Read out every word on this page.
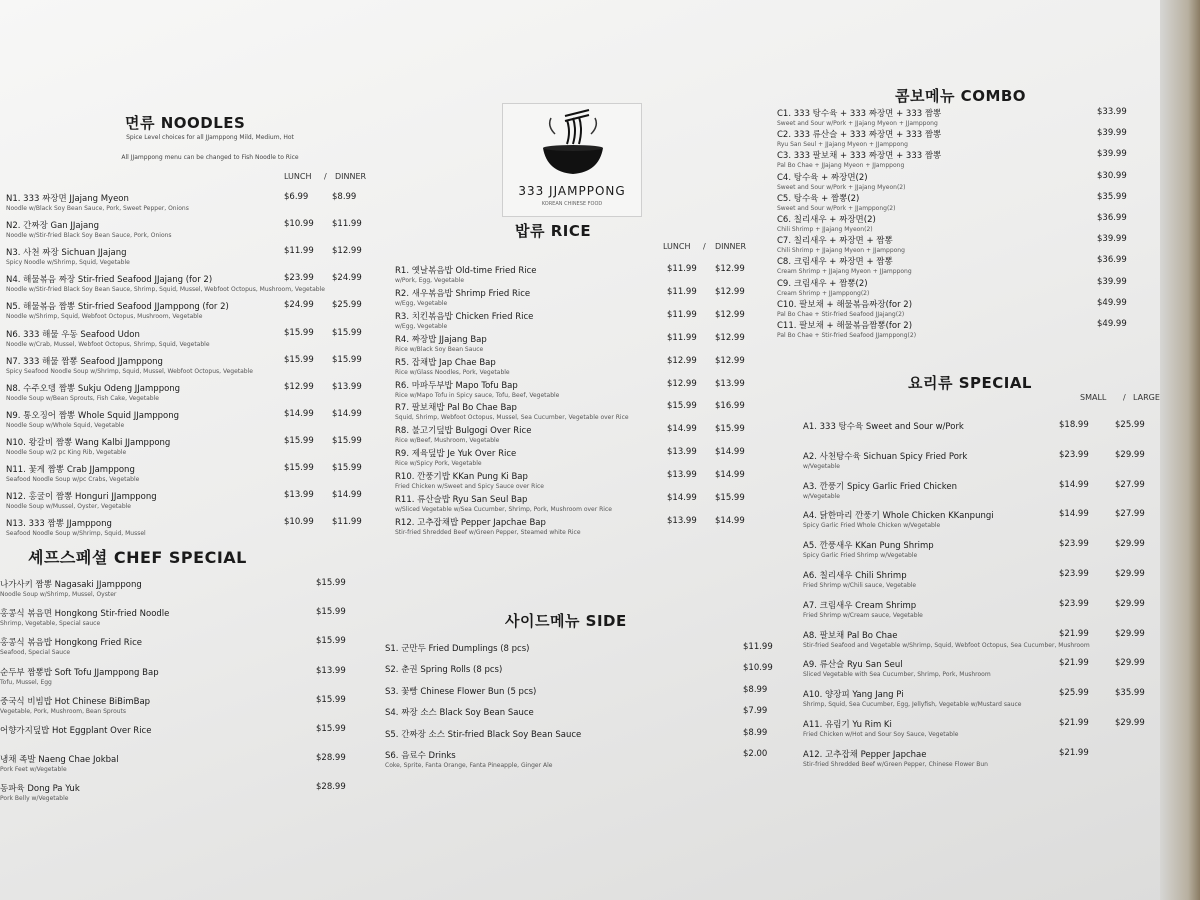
면류 NOODLES
Spice Level choices for all JJamppong Mild, Medium, Hot
All JJamppong menu can be changed to Fish Noodle to Rice
LUNCH / DINNER
N1. 333 짜장면 JJajang Myeon
Noodle w/Black Soy Bean Sauce, Pork, Sweet Pepper, Onions
$6.99	$8.99
N2. 간짜장 Gan JJajang
Noodle w/Stir-fried Black Soy Bean Sauce, Pork, Onions
$10.99 $11.99
N3. 사천 짜장 Sichuan JJajang
Spicy Noodle w/Shrimp, Squid, Vegetable
$11.99 $12.99
N4. 해물볶음 짜장 Stir-fried Seafood JJajang (for 2)
Noodle w/Stir-fried Black Soy Bean Sauce, Shrimp, Squid, Mussel, Webfoot Octopus, Mushroom, Vegetable
$23.99 $24.99
N5. 해물볶음 짬뽕 Stir-fried Seafood JJamppong (for 2)
Noodle w/Shrimp, Squid, Webfoot Octopus, Mushroom, Vegetable
$24.99 $25.99
N6. 333 해물 우동 Seafood Udon
Noodle w/Crab, Mussel, Webfoot Octopus, Shrimp, Squid, Vegetable
$15.99 $15.99
N7. 333 해물 짬뽕 Seafood JJamppong
Spicy Seafood Noodle Soup w/Shrimp, Squid, Mussel, Webfoot Octopus, Vegetable
$15.99 $15.99
N8. 수주오뎅 짬뽕 Sukju Odeng JJamppong
Noodle Soup w/Bean Sprouts, Fish Cake, Vegetable
$12.99 $13.99
N9. 통오징어 짬뽕 Whole Squid JJamppong
Noodle Soup w/Whole Squid, Vegetable
$14.99 $14.99
N10. 왕갈비 짬뽕 Wang Kalbi JJamppong
Noodle Soup w/2 pc King Rib, Vegetable
$15.99 $15.99
N11. 꽃게 짬뽕 Crab JJamppong
Seafood Noodle Soup w/pc Crabs, Vegetable
$15.99 $15.99
N12. 홍굴이 짬뽕 Honguri JJamppong
Noodle Soup w/Mussel, Oyster, Vegetable
$13.99 $14.99
N13. 333 짬뽕 JJamppong
Seafood Noodle Soup w/Shrimp, Squid, Mussel
$10.99 $11.99
셰프스페셜 CHEF SPECIAL
나가사키 짬뽕 Nagasaki JJamppong
Noodle Soup w/Shrimp, Mussel, Oyster
$15.99
홍콩식 볶음면 Hongkong Stir-fried Noodle
Shrimp, Vegetable, Special sauce
$15.99
홍콩식 볶음밥 Hongkong Fried Rice
Seafood, Special Sauce
$15.99
순두부 짬뽕밥 Soft Tofu JJamppong Bap
Tofu, Mussel, Egg
$13.99
중국식 비빔밥 Hot Chinese BiBimBap
Vegetable, Pork, Mushroom, Bean Sprouts
$15.99
어향가지덮밥 Hot Eggplant Over Rice	$15.99
냉채 족발 Naeng Chae Jokbal
Pork Feet w/Vegetable
$28.99
동파육 Dong Pa Yuk
Pork Belly w/Vegetable
$28.99
333 JJAMPPONG
KOREAN CHINESE FOOD
밥류 RICE
LUNCH / DINNER
R1. 옛날볶음밥 Old-time Fried Rice
w/Pork, Egg, Vegetable
$11.99 $12.99
R2. 새우볶음밥 Shrimp Fried Rice
w/Egg, Vegetable
$11.99 $12.99
R3. 치킨볶음밥 Chicken Fried Rice
w/Egg, Vegetable
$11.99 $12.99
R4. 짜장밥 JJajang Bap
Rice w/Black Soy Bean Sauce
$11.99 $12.99
R5. 잡채밥 Jap Chae Bap
Rice w/Glass Noodles, Pork, Vegetable
$12.99 $12.99
R6. 마파두부밥 Mapo Tofu Bap
Rice w/Mapo Tofu in Spicy sauce, Tofu, Beef, Vegetable
$12.99 $13.99
R7. 팔보채밥 Pal Bo Chae Bap
Squid, Shrimp, Webfoot Octopus, Mussel, Sea Cucumber, Vegetable over Rice
$15.99 $16.99
R8. 불고기덮밥 Bulgogi Over Rice
Rice w/Beef, Mushroom, Vegetable
$14.99 $15.99
R9. 제육덮밥 Je Yuk Over Rice
Rice w/Spicy Pork, Vegetable
$13.99 $14.99
R10. 깐풍기밥 KKan Pung Ki Bap
Fried Chicken w/Sweet and Spicy Sauce over Rice
$13.99 $14.99
R11. 류산슬밥 Ryu San Seul Bap
w/Sliced Vegetable w/Sea Cucumber, Shrimp, Pork, Mushroom over Rice
$14.99 $15.99
R12. 고추잡채밥 Pepper Japchae Bap
Stir-fried Shredded Beef w/Green Pepper, Steamed white Rice
$13.99 $14.99
사이드메뉴 SIDE
S1. 군만두 Fried Dumplings (8 pcs)	$11.99
S2. 춘권 Spring Rolls (8 pcs)	$10.99
S3. 꽃빵 Chinese Flower Bun (5 pcs)	$8.99
S4. 짜장 소스 Black Soy Bean Sauce	$7.99
S5. 간짜장 소스 Stir-fried Black Soy Bean Sauce	$8.99
S6. 음료수 Drinks
Coke, Sprite, Fanta Orange, Fanta Pineapple, Ginger Ale
$2.00
콤보메뉴 COMBO
C1. 333 탕수육 + 333 짜장면 + 333 짬뽕
Sweet and Sour w/Pork + JJajang Myeon + JJamppong
$33.99
C2. 333 류산슬 + 333 짜장면 + 333 짬뽕
Ryu San Seul + JJajang Myeon + JJamppong
$39.99
C3. 333 팔보채 + 333 짜장면 + 333 짬뽕
Pal Bo Chae + JJajang Myeon + JJamppong
$39.99
C4. 탕수육 + 짜장면(2)
Sweet and Sour w/Pork + JJajang Myeon(2)
$30.99
C5. 탕수육 + 짬뽕(2)
Sweet and Sour w/Pork + JJamppong(2)
$35.99
C6. 칠리새우 + 짜장면(2)
Chili Shrimp + JJajang Myeon(2)
$36.99
C7. 칠리새우 + 짜장면 + 짬뽕
Chili Shrimp + JJajang Myeon + JJamppong
$39.99
C8. 크림새우 + 짜장면 + 짬뽕
Cream Shrimp + JJajang Myeon + JJamppong
$36.99
C9. 크림새우 + 짬뽕(2)
Cream Shrimp + JJamppong(2)
$39.99
C10. 팔보채 + 해물볶음짜장(for 2)
Pal Bo Chae + Stir-fried Seafood JJajang(2)
$49.99
C11. 팔보채 + 해물볶음짬뽕(for 2)
Pal Bo Chae + Stir-fried Seafood JJamppong(2)
$49.99
요리류 SPECIAL
SMALL / LARGE
A1. 333 탕수육 Sweet and Sour w/Pork	$18.99	$25.99
A2. 사천탕수육 Sichuan Spicy Fried Pork
w/Vegetable
$23.99	$29.99
A3. 깐풍기 Spicy Garlic Fried Chicken
w/Vegetable
$14.99	$27.99
A4. 닭한마리 깐풍기 Whole Chicken KKanpungi
Spicy Garlic Fried Whole Chicken w/Vegetable
$14.99	$27.99
A5. 깐풍새우 KKan Pung Shrimp
Spicy Garlic Fried Shrimp w/Vegetable
$23.99	$29.99
A6. 칠리새우 Chili Shrimp
Fried Shrimp w/Chili sauce, Vegetable
$23.99	$29.99
A7. 크림새우 Cream Shrimp
Fried Shrimp w/Cream sauce, Vegetable
$23.99	$29.99
A8. 팔보채 Pal Bo Chae
Stir-fried Seafood and Vegetable w/Shrimp, Squid, Webfoot Octopus, Sea Cucumber, Mushroom
$21.99	$29.99
A9. 류산슬 Ryu San Seul
Sliced Vegetable with Sea Cucumber, Shrimp, Pork, Mushroom
$21.99	$29.99
A10. 양장피 Yang Jang Pi
Shrimp, Squid, Sea Cucumber, Egg, Jellyfish, Vegetable w/Mustard sauce
$25.99	$35.99
A11. 유림기 Yu Rim Ki
Fried Chicken w/Hot and Sour Soy Sauce, Vegetable
$21.99	$29.99
A12. 고추잡채 Pepper Japchae
Stir-fried Shredded Beef w/Green Pepper, Chinese Flower Bun
$21.99
